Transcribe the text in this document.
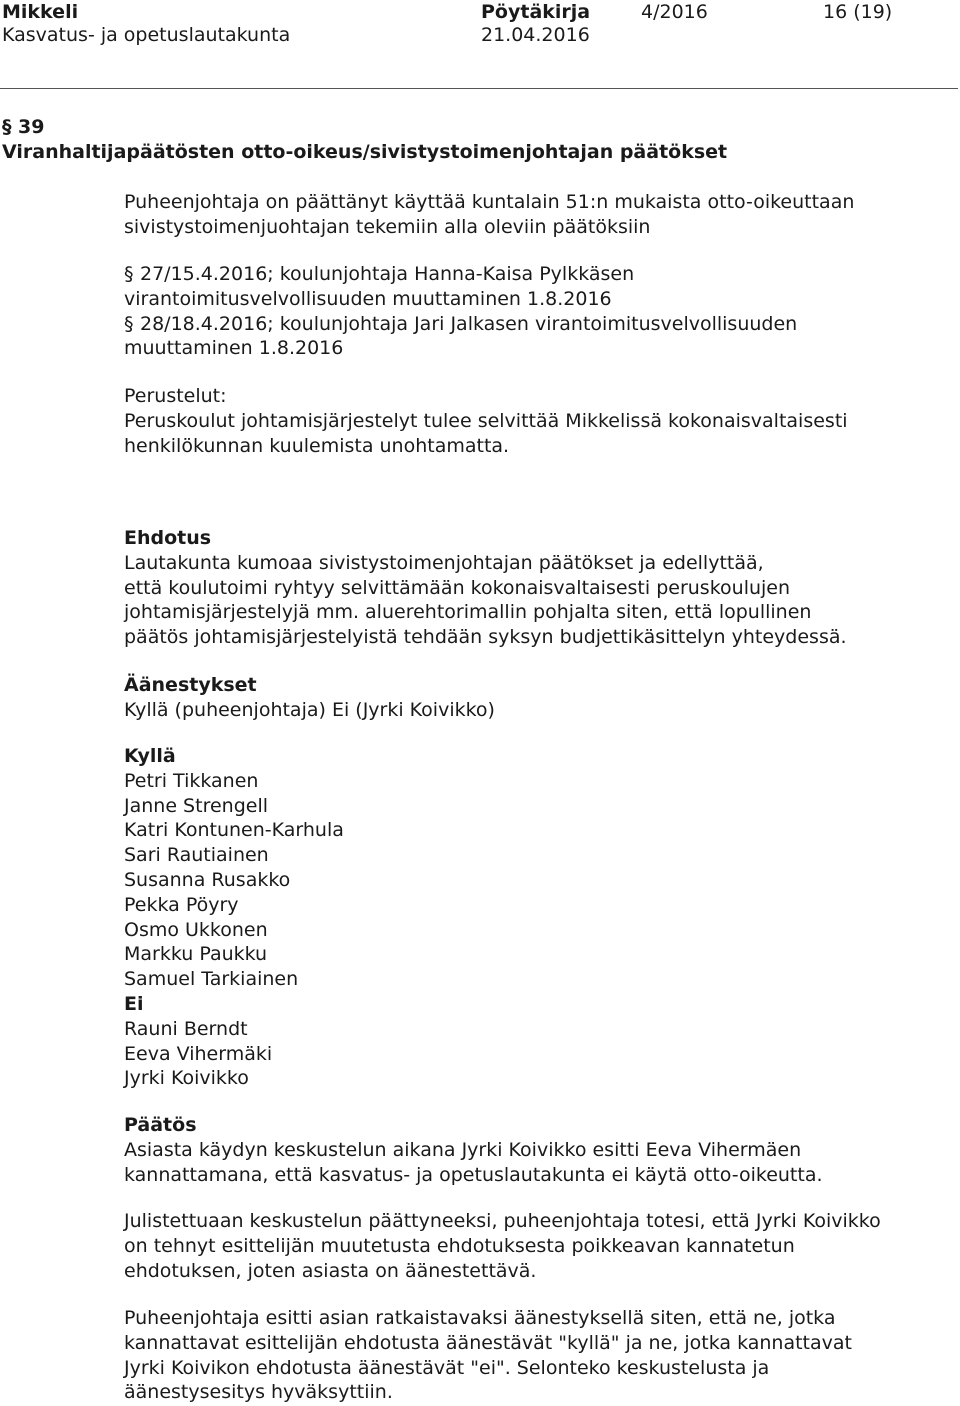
Mikkeli	Pöytäkirja	4/2016	16 (19)
Kasvatus- ja opetuslautakunta	21.04.2016
§ 39
Viranhaltijapäätösten otto-oikeus/sivistystoimenjohtajan päätökset
Puheenjohtaja on päättänyt käyttää kuntalain 51:n mukaista otto-oikeuttaan
sivistystoimenjuohtajan tekemiin alla oleviin päätöksiin
§ 27/15.4.2016; koulunjohtaja Hanna-Kaisa Pylkkäsen
virantoimitusvelvollisuuden muuttaminen 1.8.2016
§ 28/18.4.2016; koulunjohtaja Jari Jalkasen virantoimitusvelvollisuuden
muuttaminen 1.8.2016
Perustelut:
Peruskoulut johtamisjärjestelyt tulee selvittää Mikkelissä kokonaisvaltaisesti
henkilökunnan kuulemista unohtamatta.
Ehdotus
Lautakunta kumoaa sivistystoimenjohtajan päätökset ja edellyttää,
että koulutoimi ryhtyy selvittämään kokonaisvaltaisesti peruskoulujen
johtamisjärjestelyjä mm. aluerehtorimallin pohjalta siten, että lopullinen
päätös johtamisjärjestelyistä tehdään syksyn budjettikäsittelyn yhteydessä.
Äänestykset
Kyllä (puheenjohtaja) Ei (Jyrki Koivikko)
Kyllä
Petri Tikkanen
Janne Strengell
Katri Kontunen-Karhula
Sari Rautiainen
Susanna Rusakko
Pekka Pöyry
Osmo Ukkonen
Markku Paukku
Samuel Tarkiainen
Ei
Rauni Berndt
Eeva Vihermäki
Jyrki Koivikko
Päätös
Asiasta käydyn keskustelun aikana Jyrki Koivikko esitti Eeva Vihermäen
kannattamana, että kasvatus- ja opetuslautakunta ei käytä otto-oikeutta.
Julistettuaan keskustelun päättyneeksi, puheenjohtaja totesi, että Jyrki Koivikko
on tehnyt esittelijän muutetusta ehdotuksesta poikkeavan kannatetun
ehdotuksen, joten asiasta on äänestettävä.
Puheenjohtaja esitti asian ratkaistavaksi äänestyksellä siten, että ne, jotka
kannattavat esittelijän ehdotusta äänestävät "kyllä" ja ne, jotka kannattavat
Jyrki Koivikon ehdotusta äänestävät "ei". Selonteko keskustelusta ja
äänestysesitys hyväksyttiin.
